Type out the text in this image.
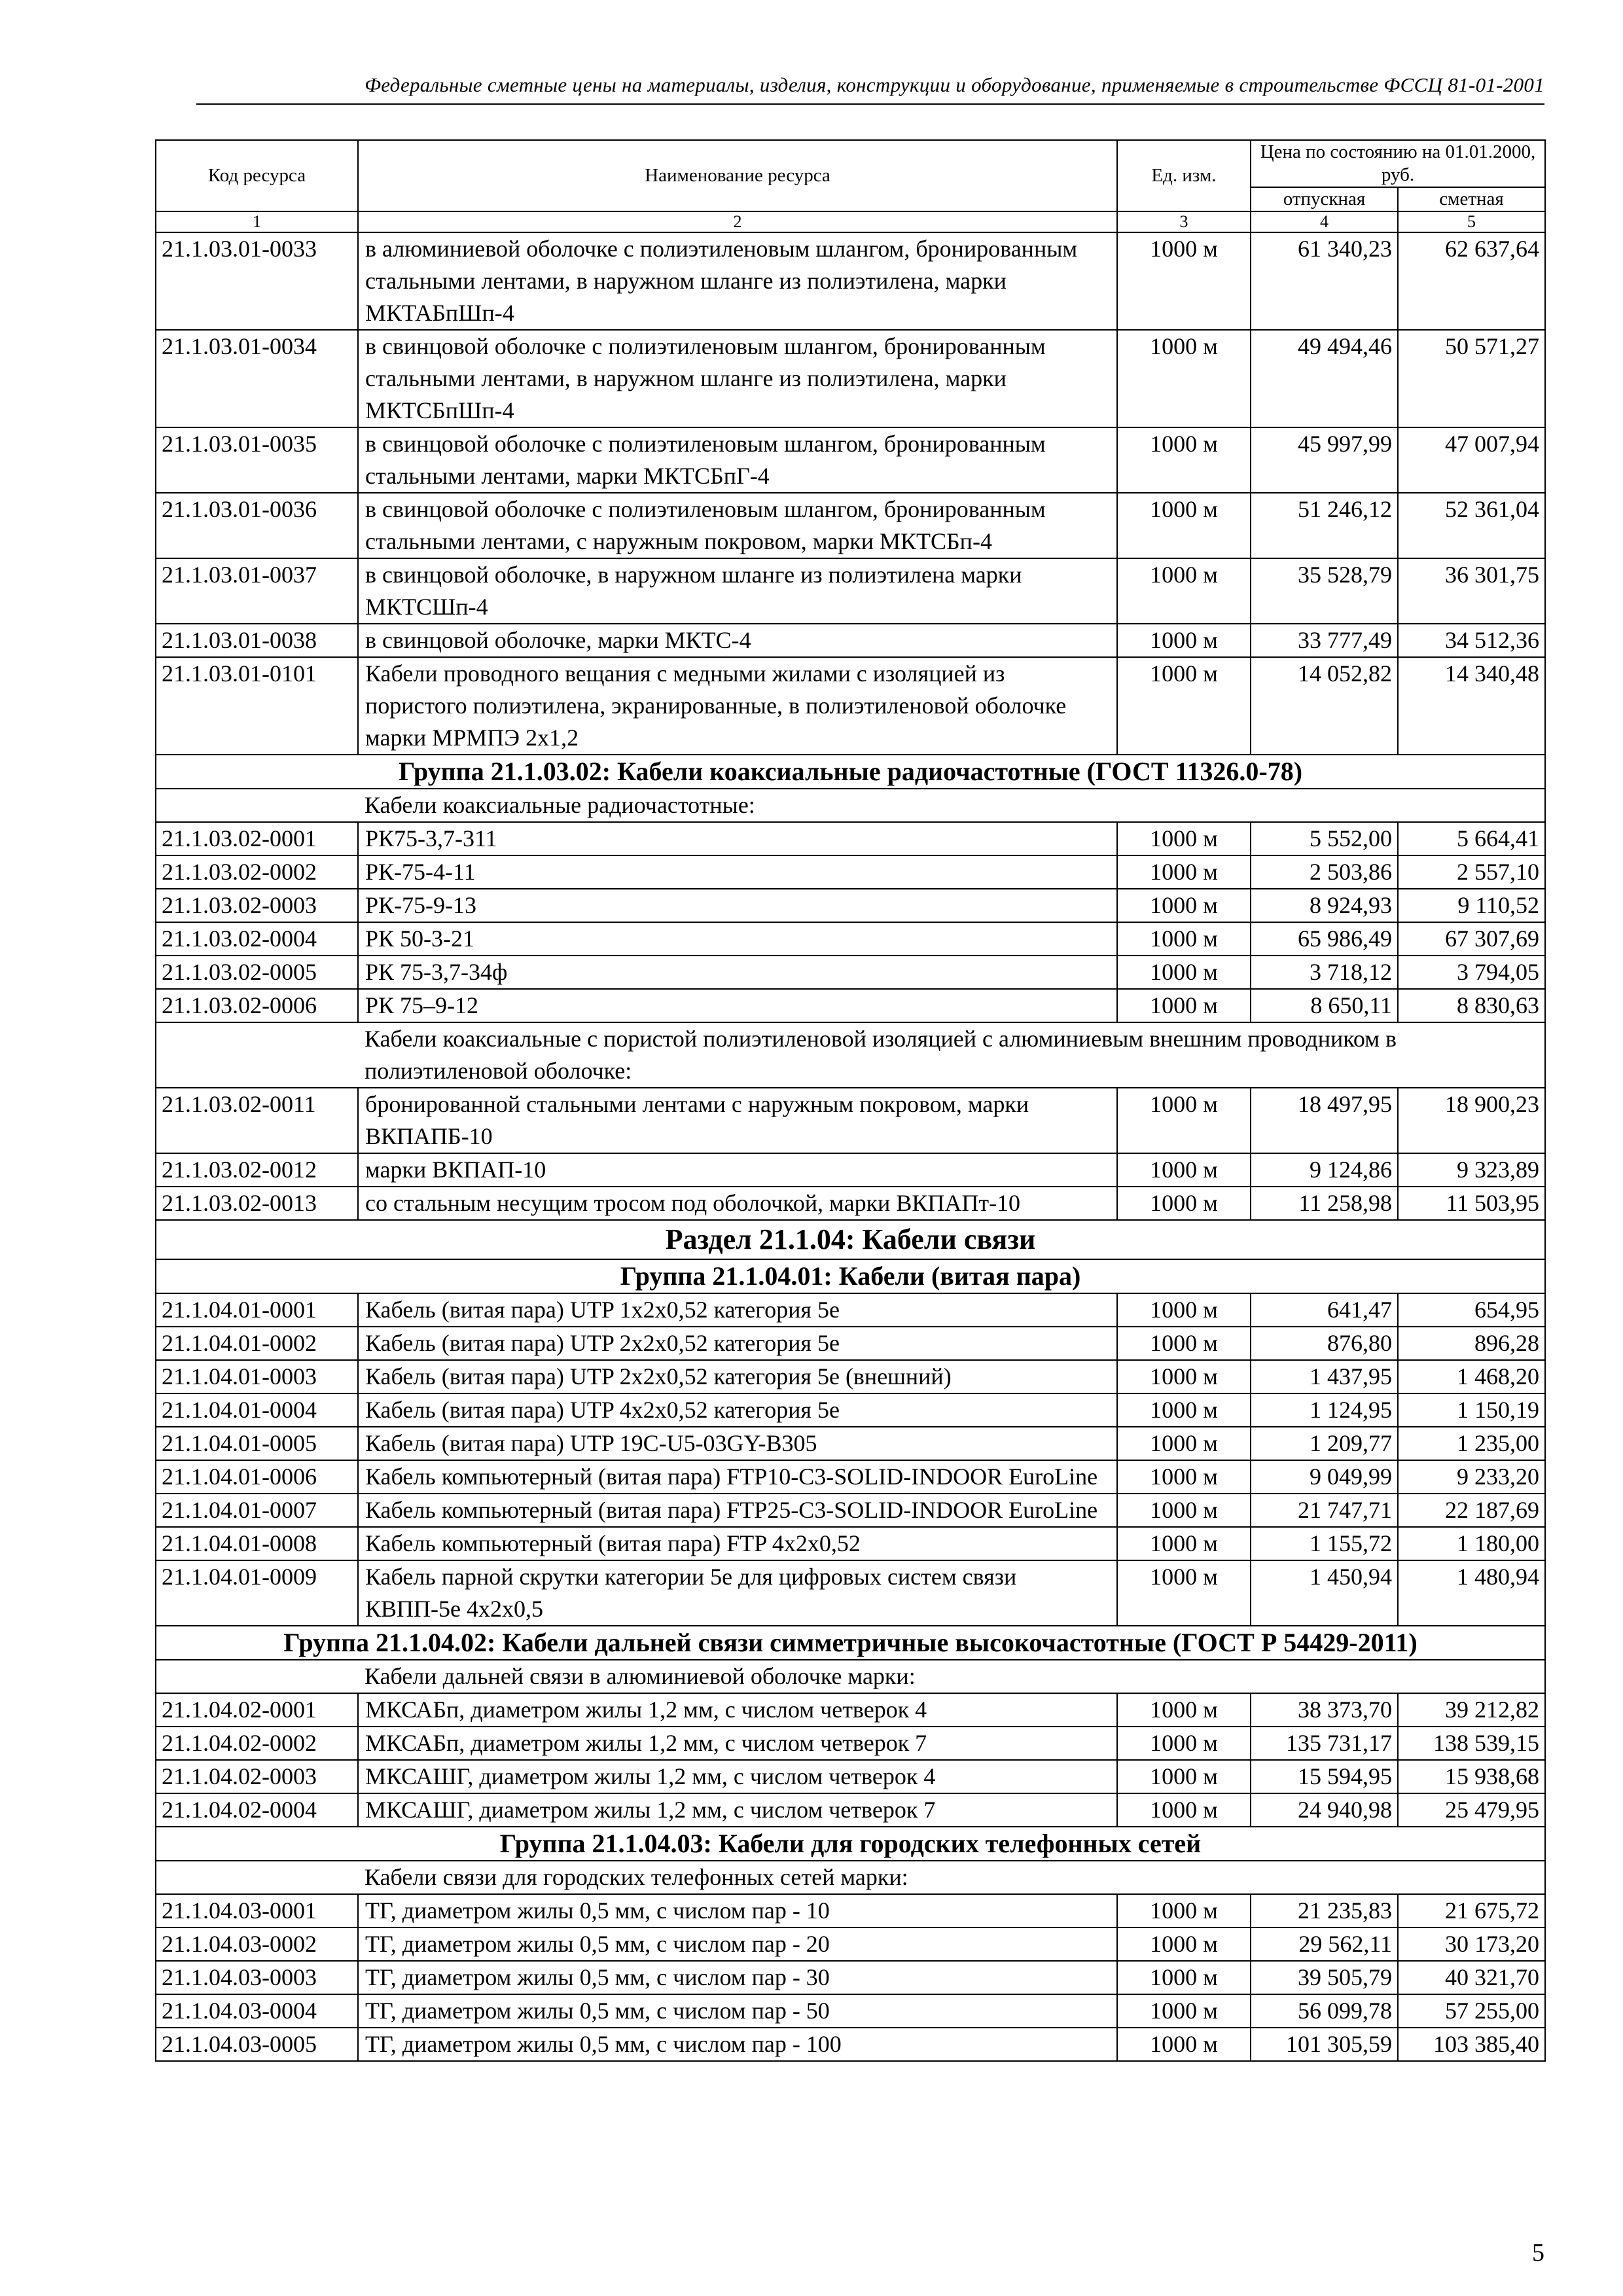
Федеральные сметные цены на материалы, изделия, конструкции и оборудование, применяемые в строительстве ФССЦ 81-01-2001
Код ресурса	Наименование ресурса	Ед. изм.	Цена по состоянию на 01.01.2000, руб.	
			отпускная	сметная
1	2	3	4	5
21.1.03.01-0033	в алюминиевой оболочке с полиэтиленовым шлангом, бронированным стальными лентами, в наружном шланге из полиэтилена, марки МКТАБпШп-4	1000 м	61 340,23	62 637,64
21.1.03.01-0034	в свинцовой оболочке с полиэтиленовым шлангом, бронированным стальными лентами, в наружном шланге из полиэтилена, марки МКТСБпШп-4	1000 м	49 494,46	50 571,27
21.1.03.01-0035	в свинцовой оболочке с полиэтиленовым шлангом, бронированным стальными лентами, марки МКТСБпГ-4	1000 м	45 997,99	47 007,94
21.1.03.01-0036	в свинцовой оболочке с полиэтиленовым шлангом, бронированным стальными лентами, с наружным покровом, марки МКТСБп-4	1000 м	51 246,12	52 361,04
21.1.03.01-0037	в свинцовой оболочке, в наружном шланге из полиэтилена марки МКТСШп-4	1000 м	35 528,79	36 301,75
21.1.03.01-0038	в свинцовой оболочке, марки МКТС-4	1000 м	33 777,49	34 512,36
21.1.03.01-0101	Кабели проводного вещания с медными жилами с изоляцией из пористого полиэтилена, экранированные, в полиэтиленовой оболочке марки МРМПЭ 2х1,2	1000 м	14 052,82	14 340,48
Группа 21.1.03.02: Кабели коаксиальные радиочастотные (ГОСТ 11326.0-78)				
	Кабели коаксиальные радиочастотные:			
21.1.03.02-0001	РК75-3,7-311	1000 м	5 552,00	5 664,41
21.1.03.02-0002	РК-75-4-11	1000 м	2 503,86	2 557,10
21.1.03.02-0003	РК-75-9-13	1000 м	8 924,93	9 110,52
21.1.03.02-0004	РК 50-3-21	1000 м	65 986,49	67 307,69
21.1.03.02-0005	РК 75-3,7-34ф	1000 м	3 718,12	3 794,05
21.1.03.02-0006	РК 75–9-12	1000 м	8 650,11	8 830,63
	Кабели коаксиальные с пористой полиэтиленовой изоляцией с алюминиевым внешним проводником в полиэтиленовой оболочке:			
21.1.03.02-0011	бронированной стальными лентами с наружным покровом, марки ВКПАПБ-10	1000 м	18 497,95	18 900,23
21.1.03.02-0012	марки ВКПАП-10	1000 м	9 124,86	9 323,89
21.1.03.02-0013	со стальным несущим тросом под оболочкой, марки ВКПАПт-10	1000 м	11 258,98	11 503,95
Раздел 21.1.04: Кабели связи				
Группа 21.1.04.01: Кабели (витая пара)				
21.1.04.01-0001	Кабель (витая пара) UTP 1х2х0,52 категория 5е	1000 м	641,47	654,95
21.1.04.01-0002	Кабель (витая пара) UTP 2х2х0,52 категория 5е	1000 м	876,80	896,28
21.1.04.01-0003	Кабель (витая пара) UTP 2х2х0,52 категория 5е (внешний)	1000 м	1 437,95	1 468,20
21.1.04.01-0004	Кабель (витая пара) UTP 4х2х0,52 категория 5е	1000 м	1 124,95	1 150,19
21.1.04.01-0005	Кабель (витая пара) UTP 19C-U5-03GY-B305	1000 м	1 209,77	1 235,00
21.1.04.01-0006	Кабель компьютерный (витая пара) FTP10-C3-SOLID-INDOOR EuroLine	1000 м	9 049,99	9 233,20
21.1.04.01-0007	Кабель компьютерный (витая пара) FTP25-C3-SOLID-INDOOR EuroLine	1000 м	21 747,71	22 187,69
21.1.04.01-0008	Кабель компьютерный (витая пара) FTP 4х2х0,52	1000 м	1 155,72	1 180,00
21.1.04.01-0009	Кабель парной скрутки категории 5е для цифровых систем связи КВПП-5е 4х2х0,5	1000 м	1 450,94	1 480,94
Группа 21.1.04.02: Кабели дальней связи симметричные высокочастотные (ГОСТ Р 54429-2011)				
	Кабели дальней связи в алюминиевой оболочке марки:			
21.1.04.02-0001	МКСАБп, диаметром жилы 1,2 мм, с числом четверок 4	1000 м	38 373,70	39 212,82
21.1.04.02-0002	МКСАБп, диаметром жилы 1,2 мм, с числом четверок 7	1000 м	135 731,17	138 539,15
21.1.04.02-0003	МКСАШГ, диаметром жилы 1,2 мм, с числом четверок 4	1000 м	15 594,95	15 938,68
21.1.04.02-0004	МКСАШГ, диаметром жилы 1,2 мм, с числом четверок 7	1000 м	24 940,98	25 479,95
Группа 21.1.04.03: Кабели для городских телефонных сетей				
	Кабели связи для городских телефонных сетей марки:			
21.1.04.03-0001	ТГ, диаметром жилы 0,5 мм, с числом пар - 10	1000 м	21 235,83	21 675,72
21.1.04.03-0002	ТГ, диаметром жилы 0,5 мм, с числом пар - 20	1000 м	29 562,11	30 173,20
21.1.04.03-0003	ТГ, диаметром жилы 0,5 мм, с числом пар - 30	1000 м	39 505,79	40 321,70
21.1.04.03-0004	ТГ, диаметром жилы 0,5 мм, с числом пар - 50	1000 м	56 099,78	57 255,00
21.1.04.03-0005	ТГ, диаметром жилы 0,5 мм, с числом пар - 100	1000 м	101 305,59	103 385,40
5
